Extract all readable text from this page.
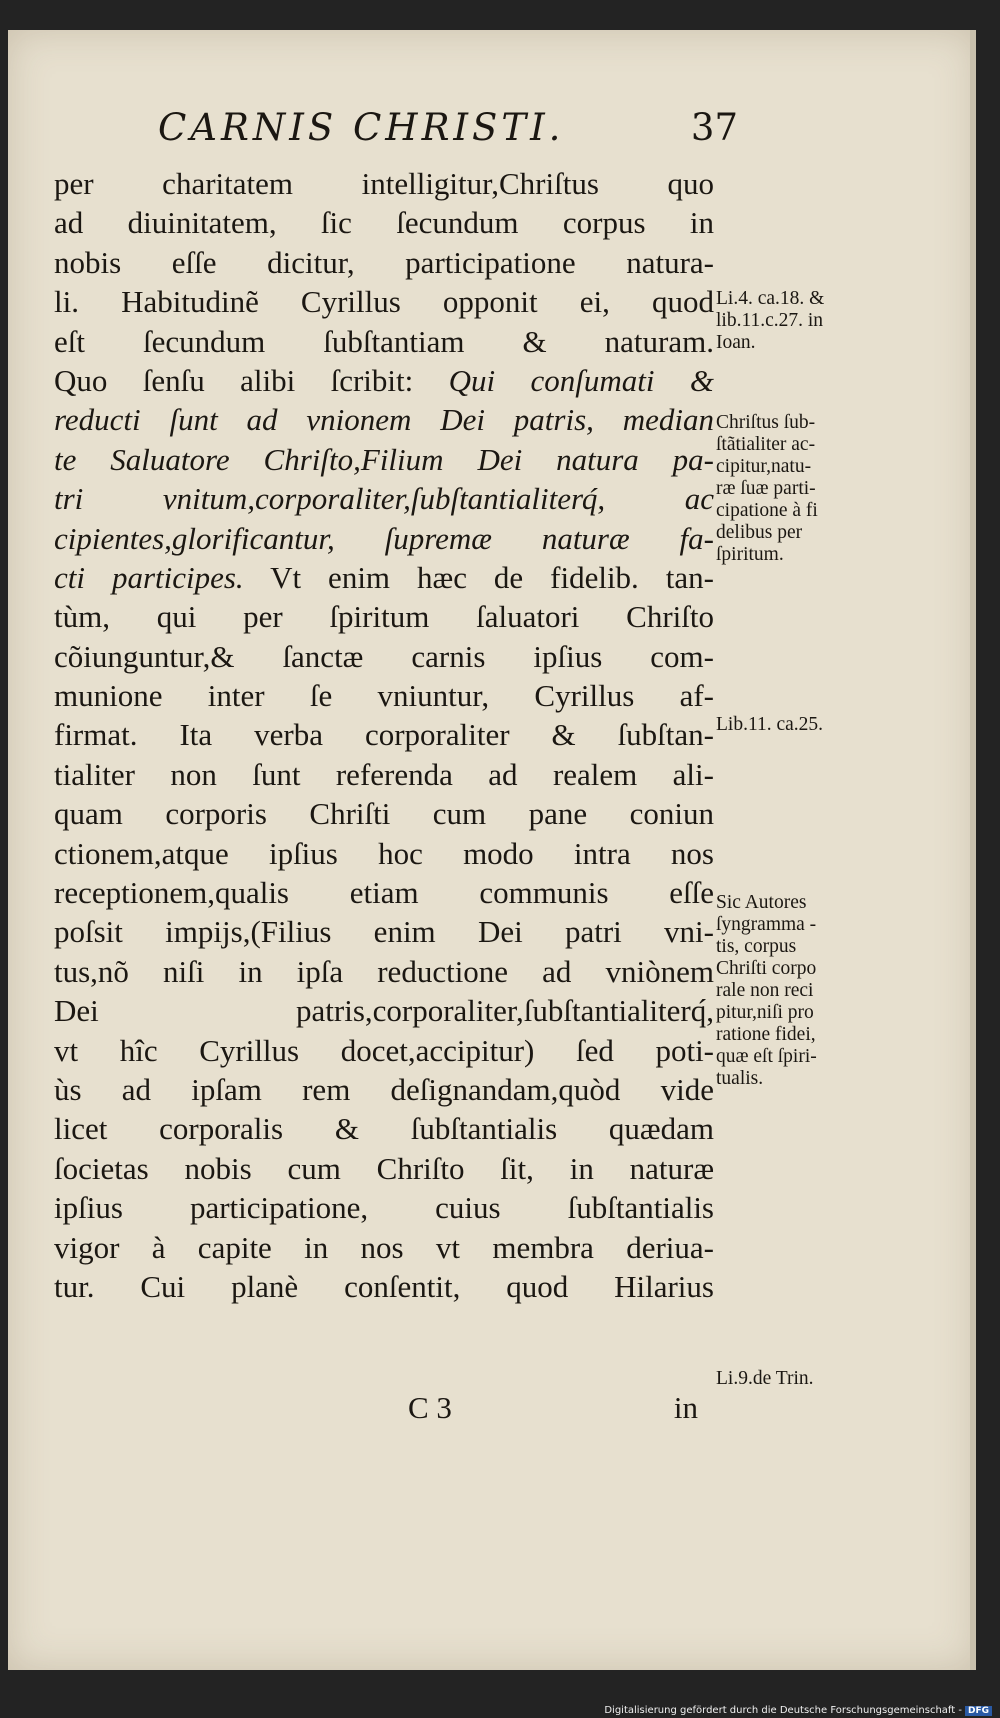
CARNIS CHRISTI.	37
per charitatem intelligitur,Chriſtus quo
ad diuinitatem, ſic ſecundum corpus in
nobis eſſe dicitur, participatione natura-
li. Habitudinẽ Cyrillus opponit ei, quod
eſt ſecundum ſubſtantiam & naturam.
Quo ſenſu alibi ſcribit: Qui conſumati &
reducti ſunt ad vnionem Dei patris, median
te Saluatore Chriſto,Filium Dei natura pa-
tri vnitum,corporaliter,ſubſtantialiterq́, ac
cipientes,glorificantur, ſupremæ naturæ fa-
cti participes. Vt enim hæc de fidelib. tan-
tùm, qui per ſpiritum ſaluatori Chriſto
cõiunguntur,& ſanctæ carnis ipſius com-
munione inter ſe vniuntur, Cyrillus af-
firmat. Ita verba corporaliter & ſubſtan-
tialiter non ſunt referenda ad realem ali-
quam corporis Chriſti cum pane coniun
ctionem,atque ipſius hoc modo intra nos
receptionem,qualis etiam communis eſſe
poſsit impijs,(Filius enim Dei patri vni-
tus,nõ niſi in ipſa reductione ad vniònem
Dei patris,corporaliter,ſubſtantialiterq́,
vt hîc Cyrillus docet,accipitur) ſed poti-
ùs ad ipſam rem deſignandam,quòd vide
licet corporalis & ſubſtantialis quædam
ſocietas nobis cum Chriſto ſit, in naturæ
ipſius participatione, cuius ſubſtantialis
vigor à capite in nos vt membra deriua-
tur. Cui planè conſentit, quod Hilarius
Li.4. ca.18. &
lib.11.c.27. in
Ioan.
Chriſtus ſub-
ſtãtialiter ac-
cipitur,natu-
ræ ſuæ parti-
cipatione à fi
delibus per
ſpiritum.
Lib.11. ca.25.
Sic Autores
ſyngramma -
tis, corpus
Chriſti corpo
rale non reci
pitur,niſi pro
ratione fidei,
quæ eſt ſpiri-
tualis.
Li.9.de Trin.
C 3	in
Digitalisierung gefördert durch die Deutsche Forschungsgemeinschaft - DFG
